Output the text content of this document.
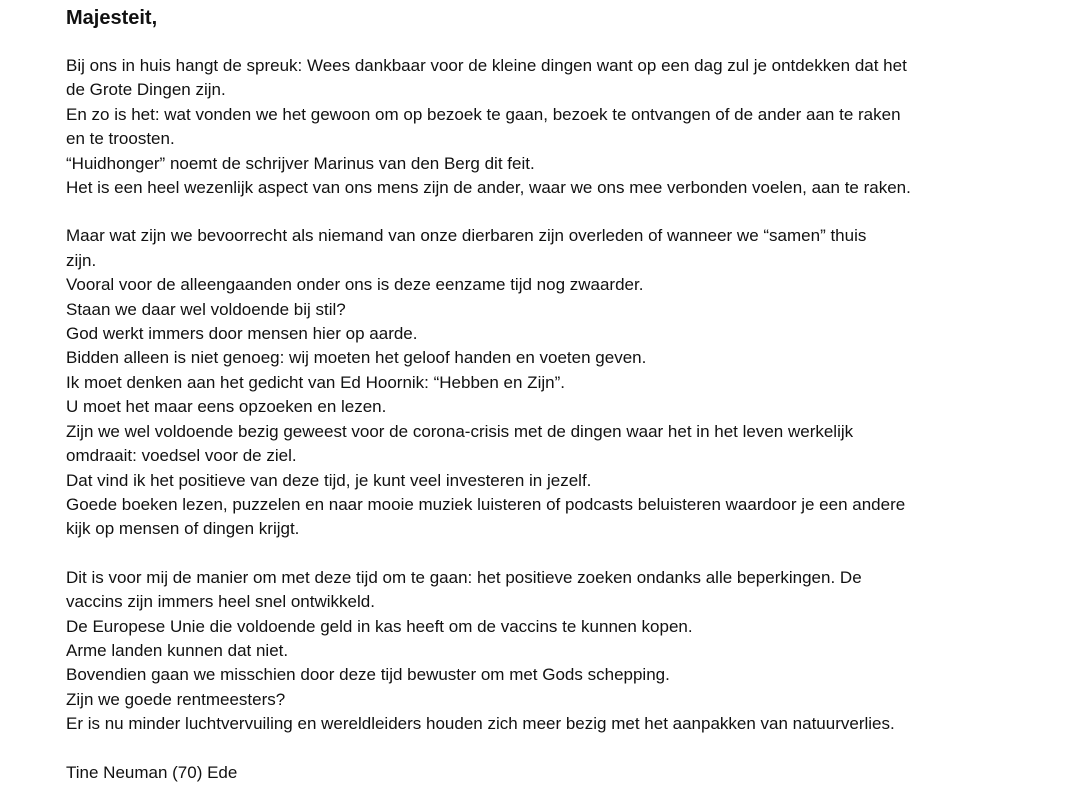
Majesteit,
Bij ons in huis hangt de spreuk: Wees dankbaar voor de kleine dingen want op een dag zul je ontdekken dat het
de Grote Dingen zijn.
En zo is het: wat vonden we het gewoon om op bezoek te gaan, bezoek te ontvangen of de ander aan te raken
en te troosten.
“Huidhonger” noemt de schrijver Marinus van den Berg dit feit.
Het is een heel wezenlijk aspect van ons mens zijn de ander, waar we ons mee verbonden voelen, aan te raken.
Maar wat zijn we bevoorrecht als niemand van onze dierbaren zijn overleden of wanneer we “samen” thuis
zijn.
Vooral voor de alleengaanden onder ons is deze eenzame tijd nog zwaarder.
Staan we daar wel voldoende bij stil?
God werkt immers door mensen hier op aarde.
Bidden alleen is niet genoeg: wij moeten het geloof handen en voeten geven.
Ik moet denken aan het gedicht van Ed Hoornik: “Hebben en Zijn”.
U moet het maar eens opzoeken en lezen.
Zijn we wel voldoende bezig geweest voor de corona-crisis met de dingen waar het in het leven werkelijk
omdraait: voedsel voor de ziel.
Dat vind ik het positieve van deze tijd, je kunt veel investeren in jezelf.
Goede boeken lezen, puzzelen en naar mooie muziek luisteren of podcasts beluisteren waardoor je een andere
kijk op mensen of dingen krijgt.
Dit is voor mij de manier om met deze tijd om te gaan: het positieve zoeken ondanks alle beperkingen. De
vaccins zijn immers heel snel ontwikkeld.
De Europese Unie die voldoende geld in kas heeft om de vaccins te kunnen kopen.
Arme landen kunnen dat niet.
Bovendien gaan we misschien door deze tijd bewuster om met Gods schepping.
Zijn we goede rentmeesters?
Er is nu minder luchtvervuiling en wereldleiders houden zich meer bezig met het aanpakken van natuurverlies.
Tine Neuman (70) Ede
